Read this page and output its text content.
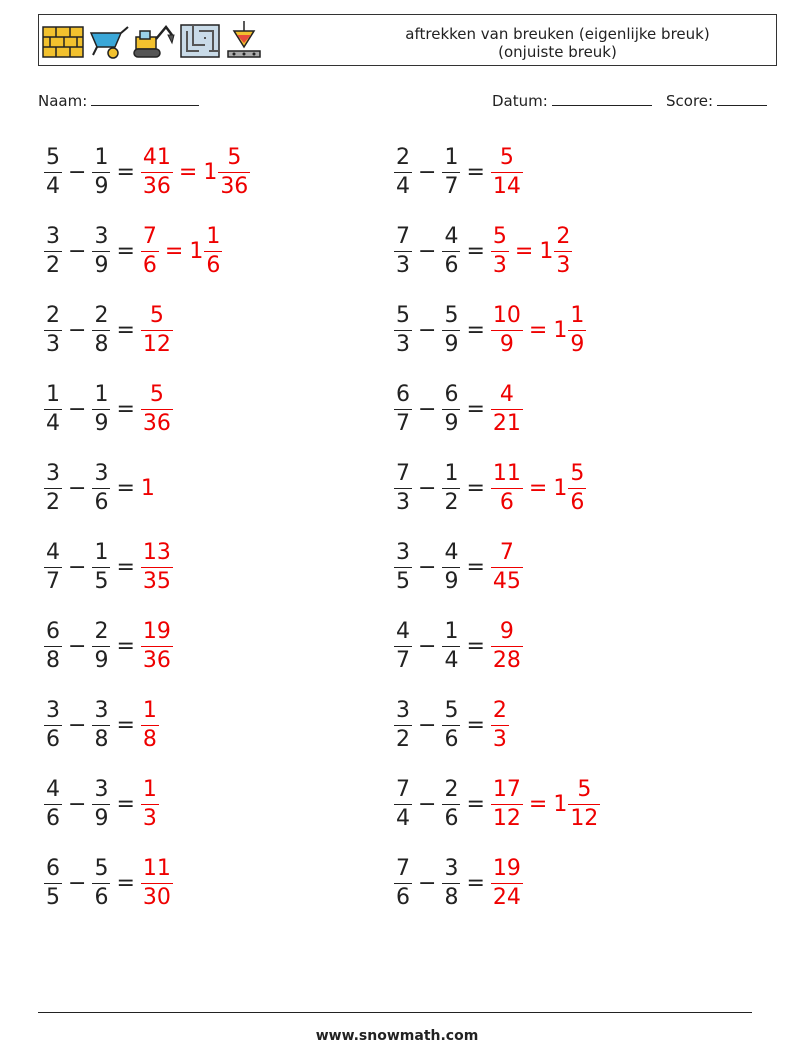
aftrekken van breuken (eigenlijke breuk)
(onjuiste breuk)
Naam:	Datum:	Score:
$\frac{5}{4} - \frac{1}{9} = \frac{41}{36} = 1 \frac{5}{36}$	$\frac{2}{4} - \frac{1}{7} = \frac{5}{14}$
$\frac{3}{2} - \frac{3}{9} = \frac{7}{6} = 1 \frac{1}{6}$	$\frac{7}{3} - \frac{4}{6} = \frac{5}{3} = 1 \frac{2}{3}$
$\frac{2}{3} - \frac{2}{8} = \frac{5}{12}$	$\frac{5}{3} - \frac{5}{9} = \frac{10}{9} = 1 \frac{1}{9}$
$\frac{1}{4} - \frac{1}{9} = \frac{5}{36}$	$\frac{6}{7} - \frac{6}{9} = \frac{4}{21}$
$\frac{3}{2} - \frac{3}{6} = 1$	$\frac{7}{3} - \frac{1}{2} = \frac{11}{6} = 1 \frac{5}{6}$
$\frac{4}{7} - \frac{1}{5} = \frac{13}{35}$	$\frac{3}{5} - \frac{4}{9} = \frac{7}{45}$
$\frac{6}{8} - \frac{2}{9} = \frac{19}{36}$	$\frac{4}{7} - \frac{1}{4} = \frac{9}{28}$
$\frac{3}{6} - \frac{3}{8} = \frac{1}{8}$	$\frac{3}{2} - \frac{5}{6} = \frac{2}{3}$
$\frac{4}{6} - \frac{3}{9} = \frac{1}{3}$	$\frac{7}{4} - \frac{2}{6} = \frac{17}{12} = 1 \frac{5}{12}$
$\frac{6}{5} - \frac{5}{6} = \frac{11}{30}$	$\frac{7}{6} - \frac{3}{8} = \frac{19}{24}$
www.snowmath.com
